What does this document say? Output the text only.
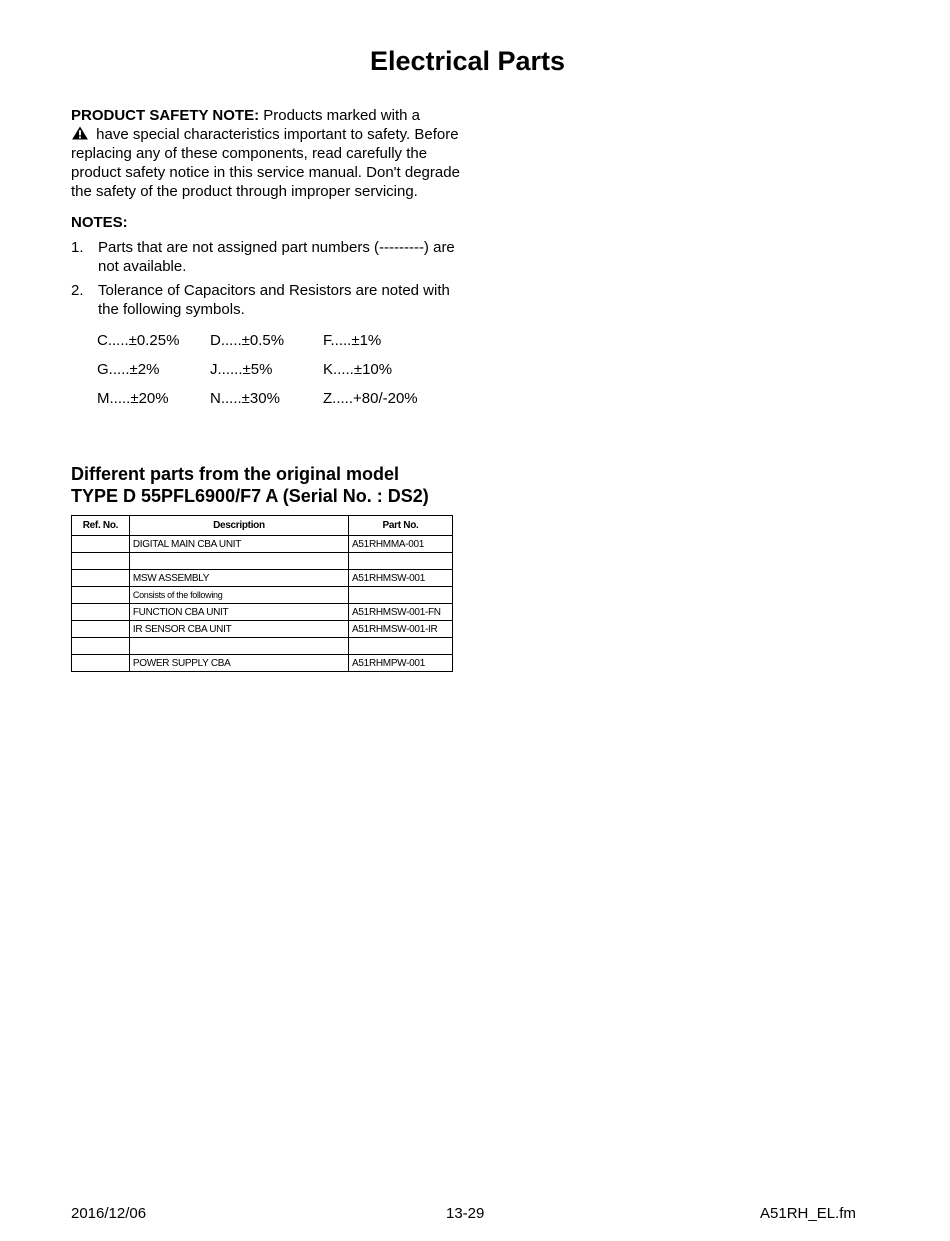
Electrical Parts

PRODUCT SAFETY NOTE: Products marked with a
have special characteristics important to safety. Before replacing any of these components, read carefully the product safety notice in this service manual. Don't degrade the safety of the product through improper servicing.

NOTES:

1. Parts that are not assigned part numbers (---------) are not available.
2. Tolerance of Capacitors and Resistors are noted with the following symbols.
C.....±0.25%	D.....±0.5%	F.....±1%
G.....±2%	J......±5%	K.....±10%
M.....±20%	N.....±30%	Z.....+80/-20%
Different parts from the original model
TYPE D 55PFL6900/F7 A (Serial No. : DS2)
Ref. No.	Description	Part No.
	DIGITAL MAIN CBA UNIT	A51RHMMA-001

	MSW ASSEMBLY	A51RHMSW-001
	Consists of the following	
	FUNCTION CBA UNIT	A51RHMSW-001-FN
	IR SENSOR CBA UNIT	A51RHMSW-001-IR

	POWER SUPPLY CBA	A51RHMPW-001

2016/12/06	13-29	A51RH_EL.fm
